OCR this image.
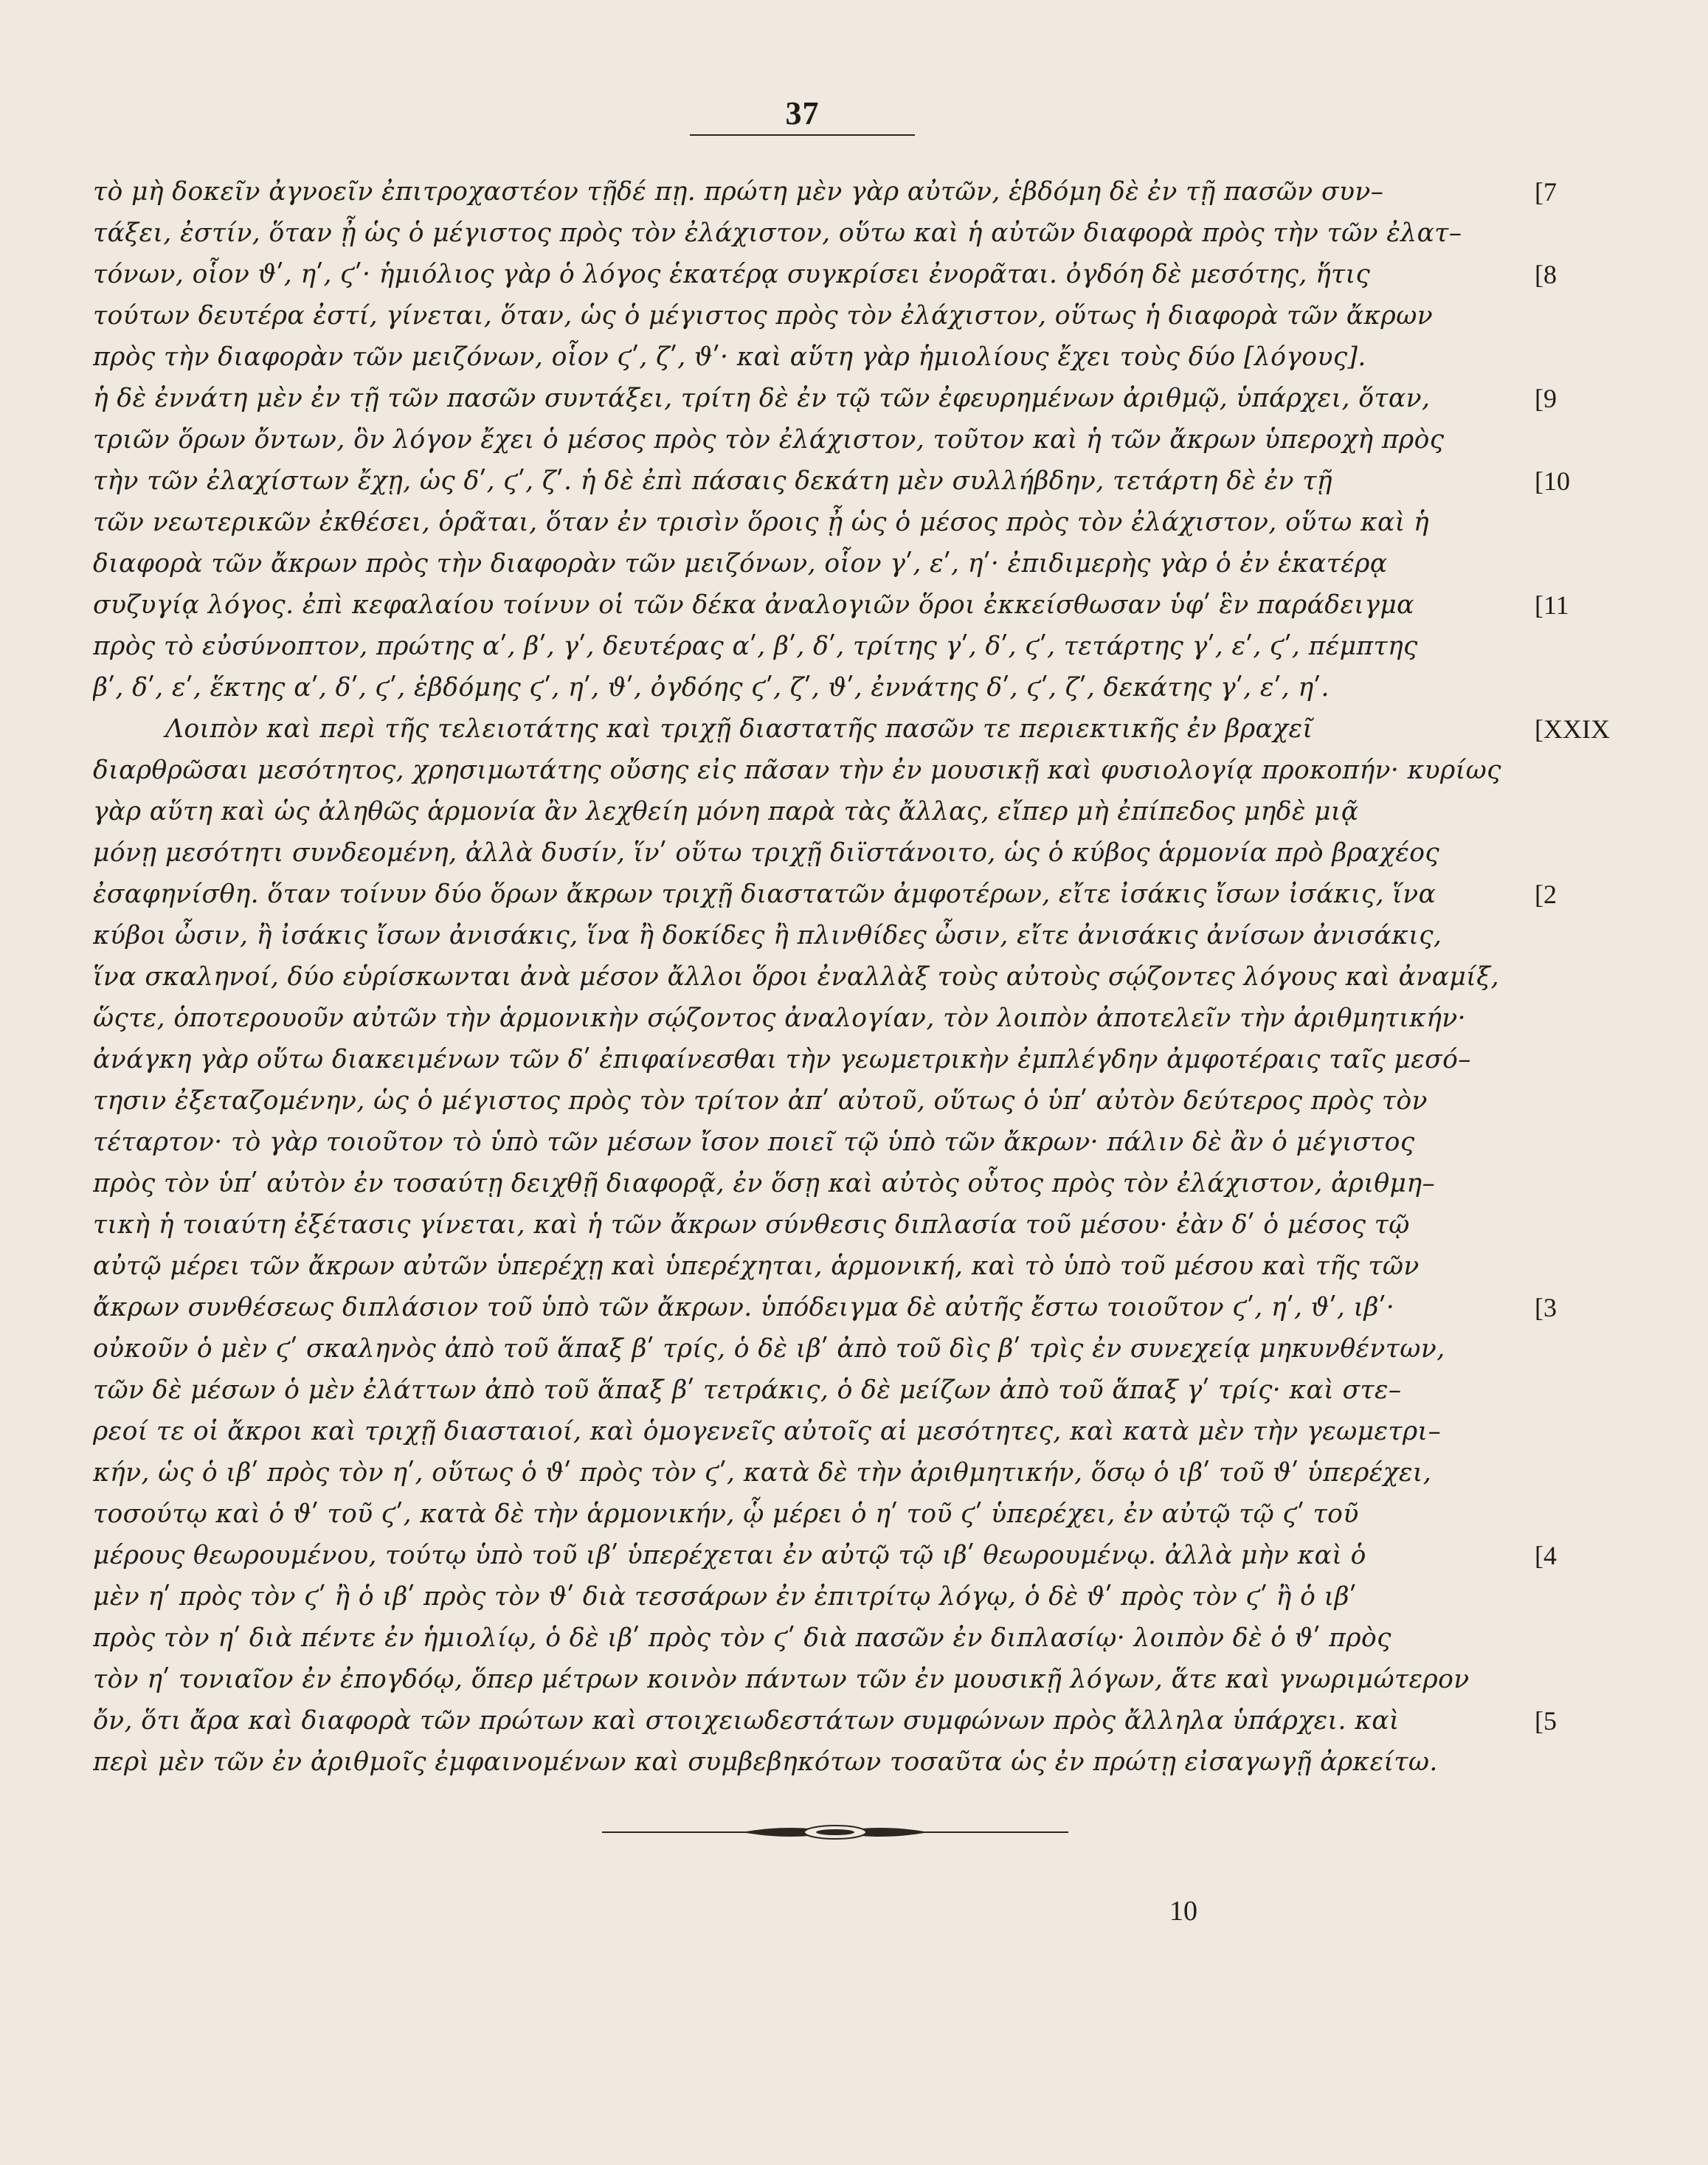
37
τὸ μὴ δοκεῖν ἀγνοεῖν ἐπιτροχαστέον τῇδέ πῃ. πρώτη μὲν γὰρ αὐτῶν, ἑβδόμη δὲ ἐν τῇ πασῶν συν–
τάξει, ἐστίν, ὅταν ᾖ ὡς ὁ μέγιστος πρὸς τὸν ἐλάχιστον, οὕτω καὶ ἡ αὐτῶν διαφορὰ πρὸς τὴν τῶν ἐλατ–
τόνων, οἷον ϑʹ, ηʹ, ϛʹ· ἡμιόλιος γὰρ ὁ λόγος ἑκατέρᾳ συγκρίσει ἐνορᾶται. ὀγδόη δὲ μεσότης, ἥτις
τούτων δευτέρα ἐστί, γίνεται, ὅταν, ὡς ὁ μέγιστος πρὸς τὸν ἐλάχιστον, οὕτως ἡ διαφορὰ τῶν ἄκρων
πρὸς τὴν διαφορὰν τῶν μειζόνων, οἷον ϛʹ, ζʹ, ϑʹ· καὶ αὕτη γὰρ ἡμιολίους ἔχει τοὺς δύο [λόγους].
ἡ δὲ ἐννάτη μὲν ἐν τῇ τῶν πασῶν συντάξει, τρίτη δὲ ἐν τῷ τῶν ἐφευρημένων ἀριθμῷ, ὑπάρχει, ὅταν,
τριῶν ὅρων ὄντων, ὃν λόγον ἔχει ὁ μέσος πρὸς τὸν ἐλάχιστον, τοῦτον καὶ ἡ τῶν ἄκρων ὑπεροχὴ πρὸς
τὴν τῶν ἐλαχίστων ἔχῃ, ὡς δʹ, ϛʹ, ζʹ. ἡ δὲ ἐπὶ πάσαις δεκάτη μὲν συλλήβδην, τετάρτη δὲ ἐν τῇ
τῶν νεωτερικῶν ἐκθέσει, ὁρᾶται, ὅταν ἐν τρισὶν ὅροις ᾖ ὡς ὁ μέσος πρὸς τὸν ἐλάχιστον, οὕτω καὶ ἡ
διαφορὰ τῶν ἄκρων πρὸς τὴν διαφορὰν τῶν μειζόνων, οἷον γʹ, εʹ, ηʹ· ἐπιδιμερὴς γὰρ ὁ ἐν ἑκατέρᾳ
συζυγίᾳ λόγος. ἐπὶ κεφαλαίου τοίνυν οἱ τῶν δέκα ἀναλογιῶν ὅροι ἐκκείσθωσαν ὑφʹ ἓν παράδειγμα
πρὸς τὸ εὐσύνοπτον, πρώτης αʹ, βʹ, γʹ, δευτέρας αʹ, βʹ, δʹ, τρίτης γʹ, δʹ, ϛʹ, τετάρτης γʹ, εʹ, ϛʹ, πέμπτης
βʹ, δʹ, εʹ, ἕκτης αʹ, δʹ, ϛʹ, ἑβδόμης ϛʹ, ηʹ, ϑʹ, ὀγδόης ϛʹ, ζʹ, ϑʹ, ἐννάτης δʹ, ϛʹ, ζʹ, δεκάτης γʹ, εʹ, ηʹ.
Λοιπὸν καὶ περὶ τῆς τελειοτάτης καὶ τριχῇ διαστατῆς πασῶν τε περιεκτικῆς ἐν βραχεῖ
διαρθρῶσαι μεσότητος, χρησιμωτάτης οὔσης εἰς πᾶσαν τὴν ἐν μουσικῇ καὶ φυσιολογίᾳ προκοπήν· κυρίως
γὰρ αὕτη καὶ ὡς ἀληθῶς ἁρμονία ἂν λεχθείη μόνη παρὰ τὰς ἄλλας, εἴπερ μὴ ἐπίπεδος μηδὲ μιᾷ
μόνῃ μεσότητι συνδεομένη, ἀλλὰ δυσίν, ἵνʹ οὕτω τριχῇ διϊστάνοιτο, ὡς ὁ κύβος ἁρμονία πρὸ βραχέος
ἐσαφηνίσθη. ὅταν τοίνυν δύο ὅρων ἄκρων τριχῇ διαστατῶν ἀμφοτέρων, εἴτε ἰσάκις ἴσων ἰσάκις, ἵνα
κύβοι ὦσιν, ἢ ἰσάκις ἴσων ἀνισάκις, ἵνα ἢ δοκίδες ἢ πλινθίδες ὦσιν, εἴτε ἀνισάκις ἀνίσων ἀνισάκις,
ἵνα σκαληνοί, δύο εὑρίσκωνται ἀνὰ μέσον ἄλλοι ὅροι ἐναλλὰξ τοὺς αὐτοὺς σῴζοντες λόγους καὶ ἀναμίξ,
ὥςτε, ὁποτερουοῦν αὐτῶν τὴν ἁρμονικὴν σῴζοντος ἀναλογίαν, τὸν λοιπὸν ἀποτελεῖν τὴν ἀριθμητικήν·
ἀνάγκη γὰρ οὕτω διακειμένων τῶν δʹ ἐπιφαίνεσθαι τὴν γεωμετρικὴν ἐμπλέγδην ἀμφοτέραις ταῖς μεσό–
τησιν ἐξεταζομένην, ὡς ὁ μέγιστος πρὸς τὸν τρίτον ἀπʹ αὐτοῦ, οὕτως ὁ ὑπʹ αὐτὸν δεύτερος πρὸς τὸν
τέταρτον· τὸ γὰρ τοιοῦτον τὸ ὑπὸ τῶν μέσων ἴσον ποιεῖ τῷ ὑπὸ τῶν ἄκρων· πάλιν δὲ ἂν ὁ μέγιστος
πρὸς τὸν ὑπʹ αὐτὸν ἐν τοσαύτῃ δειχθῇ διαφορᾷ, ἐν ὅσῃ καὶ αὐτὸς οὗτος πρὸς τὸν ἐλάχιστον, ἀριθμη–
τικὴ ἡ τοιαύτη ἐξέτασις γίνεται, καὶ ἡ τῶν ἄκρων σύνθεσις διπλασία τοῦ μέσου· ἐὰν δʹ ὁ μέσος τῷ
αὐτῷ μέρει τῶν ἄκρων αὐτῶν ὑπερέχῃ καὶ ὑπερέχηται, ἁρμονική, καὶ τὸ ὑπὸ τοῦ μέσου καὶ τῆς τῶν
ἄκρων συνθέσεως διπλάσιον τοῦ ὑπὸ τῶν ἄκρων. ὑπόδειγμα δὲ αὐτῆς ἔστω τοιοῦτον ϛʹ, ηʹ, ϑʹ, ιβʹ·
οὐκοῦν ὁ μὲν ϛʹ σκαληνὸς ἀπὸ τοῦ ἅπαξ βʹ τρίς, ὁ δὲ ιβʹ ἀπὸ τοῦ δὶς βʹ τρὶς ἐν συνεχείᾳ μηκυνθέντων,
τῶν δὲ μέσων ὁ μὲν ἐλάττων ἀπὸ τοῦ ἅπαξ βʹ τετράκις, ὁ δὲ μείζων ἀπὸ τοῦ ἅπαξ γʹ τρίς· καὶ στε–
ρεοί τε οἱ ἄκροι καὶ τριχῇ διασταιοί, καὶ ὁμογενεῖς αὐτοῖς αἱ μεσότητες, καὶ κατὰ μὲν τὴν γεωμετρι–
κήν, ὡς ὁ ιβʹ πρὸς τὸν ηʹ, οὕτως ὁ ϑʹ πρὸς τὸν ϛʹ, κατὰ δὲ τὴν ἀριθμητικήν, ὅσῳ ὁ ιβʹ τοῦ ϑʹ ὑπερέχει,
τοσούτῳ καὶ ὁ ϑʹ τοῦ ϛʹ, κατὰ δὲ τὴν ἁρμονικήν, ᾧ μέρει ὁ ηʹ τοῦ ϛʹ ὑπερέχει, ἐν αὐτῷ τῷ ϛʹ τοῦ
μέρους θεωρουμένου, τούτῳ ὑπὸ τοῦ ιβʹ ὑπερέχεται ἐν αὐτῷ τῷ ιβʹ θεωρουμένῳ. ἀλλὰ μὴν καὶ ὁ
μὲν ηʹ πρὸς τὸν ϛʹ ἢ ὁ ιβʹ πρὸς τὸν ϑʹ διὰ τεσσάρων ἐν ἐπιτρίτῳ λόγῳ, ὁ δὲ ϑʹ πρὸς τὸν ϛʹ ἢ ὁ ιβʹ
πρὸς τὸν ηʹ διὰ πέντε ἐν ἡμιολίῳ, ὁ δὲ ιβʹ πρὸς τὸν ϛʹ διὰ πασῶν ἐν διπλασίῳ· λοιπὸν δὲ ὁ ϑʹ πρὸς
τὸν ηʹ τονιαῖον ἐν ἐπογδόῳ, ὅπερ μέτρων κοινὸν πάντων τῶν ἐν μουσικῇ λόγων, ἅτε καὶ γνωριμώτερον
ὄν, ὅτι ἄρα καὶ διαφορὰ τῶν πρώτων καὶ στοιχειωδεστάτων συμφώνων πρὸς ἄλληλα ὑπάρχει. καὶ
περὶ μὲν τῶν ἐν ἀριθμοῖς ἐμφαινομένων καὶ συμβεβηκότων τοσαῦτα ὡς ἐν πρώτῃ εἰσαγωγῇ ἀρκείτω.
[7
[8
[9
[10
[11
[XXIX
[2
[3
[4
[5
10
